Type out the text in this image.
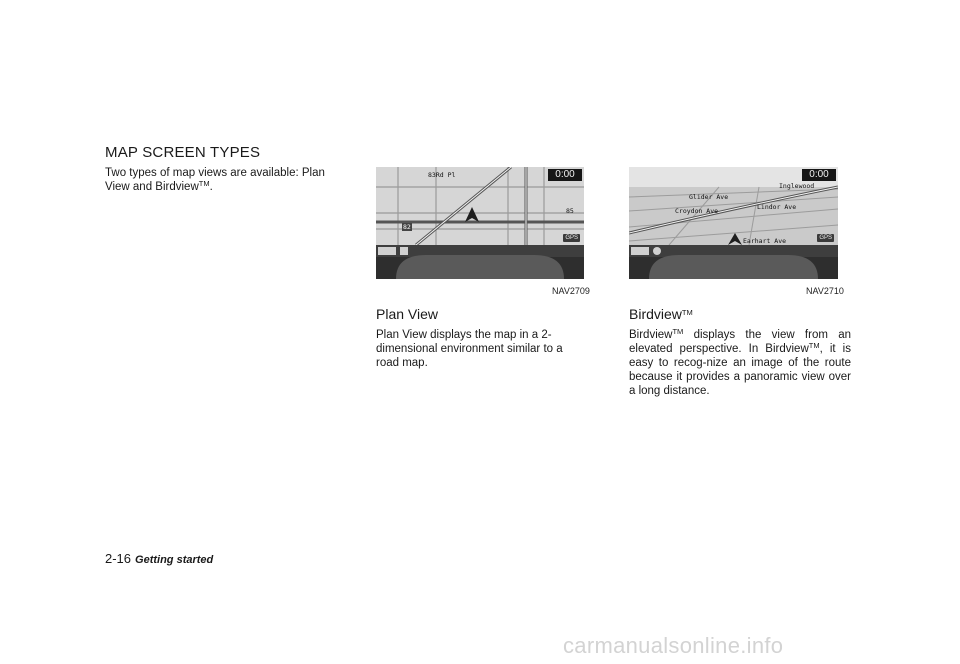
MAP SCREEN TYPES
Two types of map views are available: Plan View and Birdview™.
83Rd Pl
85
82
0:00
GPS
NAV2709
Inglewood
Glider Ave
Croydon Ave	Lindor Ave
Earhart Ave
0:00
GPS
NAV2710
Plan View
Plan View displays the map in a 2-dimensional environment similar to a road map.
Birdview™
Birdview™ displays the view from an elevated perspective. In Birdview™, it is easy to recog-nize an image of the route because it provides a panoramic view over a long distance.
2-16 Getting started
carmanualsonline.info
